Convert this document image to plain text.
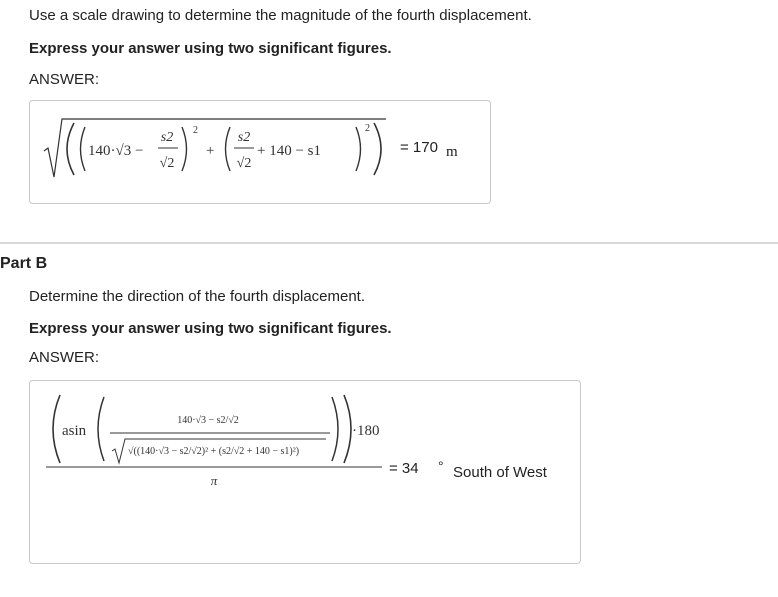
Use a scale drawing to determine the magnitude of the fourth displacement.
Express your answer using two significant figures.
ANSWER:
140·√3 −
s2
√2
2
+
s2
√2
+ 140 − s1
2
= 170 m
Part B
Determine the direction of the fourth displacement.
Express your answer using two significant figures.
ANSWER:
asin
140·√3 − s2/√2
√((140·√3 − s2/√2)² + (s2/√2 + 140 − s1)²)
·180
π
= 34 ° South of West
